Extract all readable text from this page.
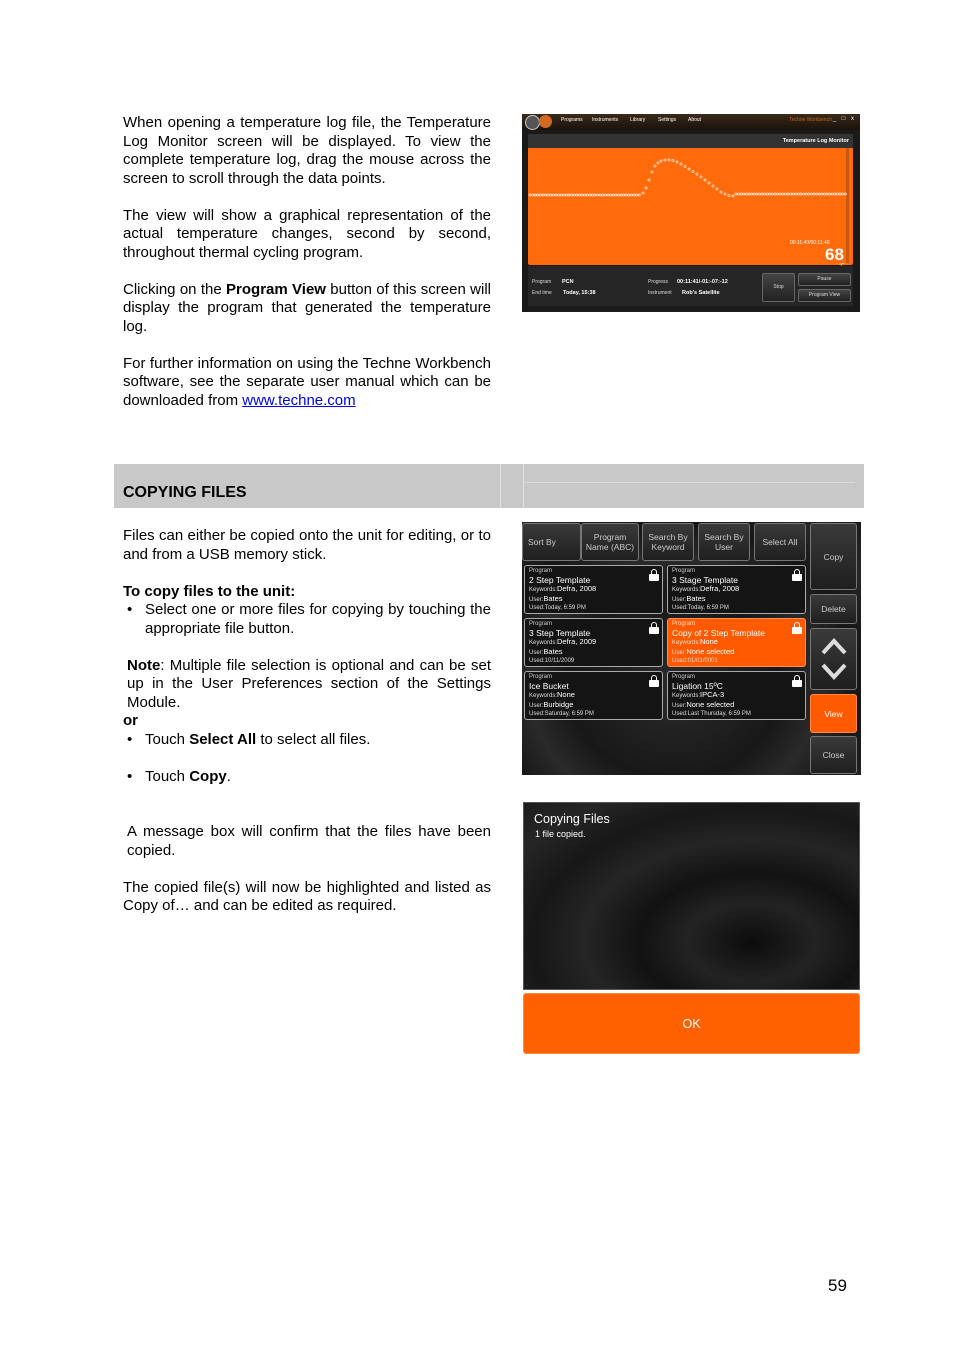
When opening a temperature log file, the Temperature Log Monitor screen will be displayed. To view the complete temperature log, drag the mouse across the screen to scroll through the data points.

The view will show a graphical representation of the actual temperature changes, second by second, throughout thermal cycling program.

Clicking on the Program View button of this screen will display the program that generated the temperature log.

For further information on using the Techne Workbench software, see the separate user manual which can be downloaded from www.techne.com

Programs Instruments Library	Settings About	Techne Workbench _ □ x
Temperature Log Monitor
00:11:40/00:11:40
68
Program PCN
End time Today, 15:38
Progress 00:11:41/-01:-07:-12
Instrument Rob's Satellite
Stop
Pause
Program View
COPYING FILES

Files can either be copied onto the unit for editing, or to and from a USB memory stick.

To copy files to the unit:

• Select one or more files for copying by touching the appropriate file button.

Note: Multiple file selection is optional and can be set up in the User Preferences section of the Settings Module.

or

• Touch Select All to select all files.
• Touch Copy.

A message box will confirm that the files have been copied.

The copied file(s) will now be highlighted and listed as Copy of… and can be edited as required.

Sort By	Program Name (ABC)
Search By Keyword
Search By User	Select All
Copy
Delete
View
Close
Program
2 Step Template
Keywords:Defra, 2008
User:Bates
Used:Today, 6:59 PM
Program
3 Stage Template
Keywords:Defra, 2008
User:Bates
Used:Today, 6:59 PM
Program
3 Step Template
Keywords:Defra, 2009
User:Bates
Used:10/11/2009
Program
Copy of 2 Step Template
Keywords:None
User:None selected
Used:01/01/0001
Program
Ice Bucket
Keywords:None
User:Burbidge
Used:Saturday, 6:59 PM
Program
Ligation 15ºC
Keywords:IPCA-3
User:None selected
Used:Last Thursday, 6:59 PM
Copying Files
1 file copied.
OK
59
